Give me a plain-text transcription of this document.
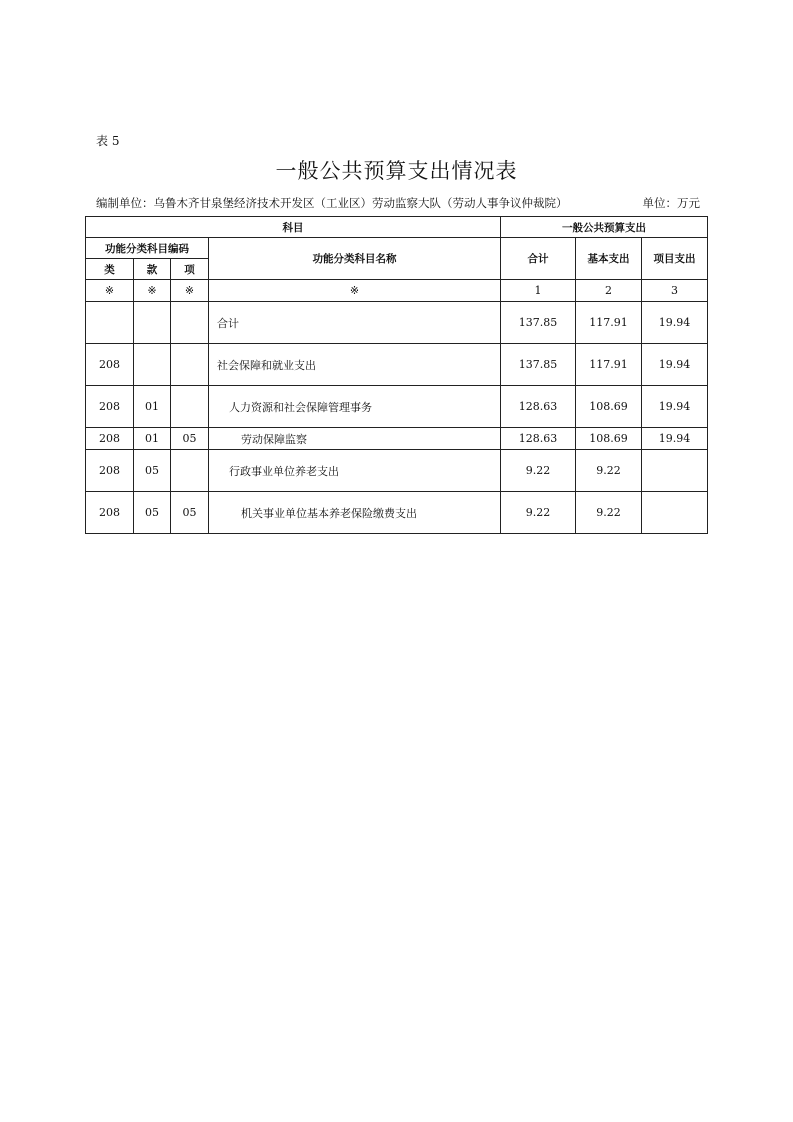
表 5
一般公共预算支出情况表
编制单位：乌鲁木齐甘泉堡经济技术开发区（工业区）劳动监察大队（劳动人事争议仲裁院）	单位：万元
科目				一般公共预算支出		
功能分类科目编码			功能分类科目名称	合计	基本支出	项目支出
类	款	项				
※	※	※	※	1	2	3
			合计	137.85	117.91	19.94
208			社会保障和就业支出	137.85	117.91	19.94
208	01		人力资源和社会保障管理事务	128.63	108.69	19.94
208	01	05	劳动保障监察	128.63	108.69	19.94
208	05		行政事业单位养老支出	9.22	9.22	
208	05	05	机关事业单位基本养老保险缴费支出	9.22	9.22	
